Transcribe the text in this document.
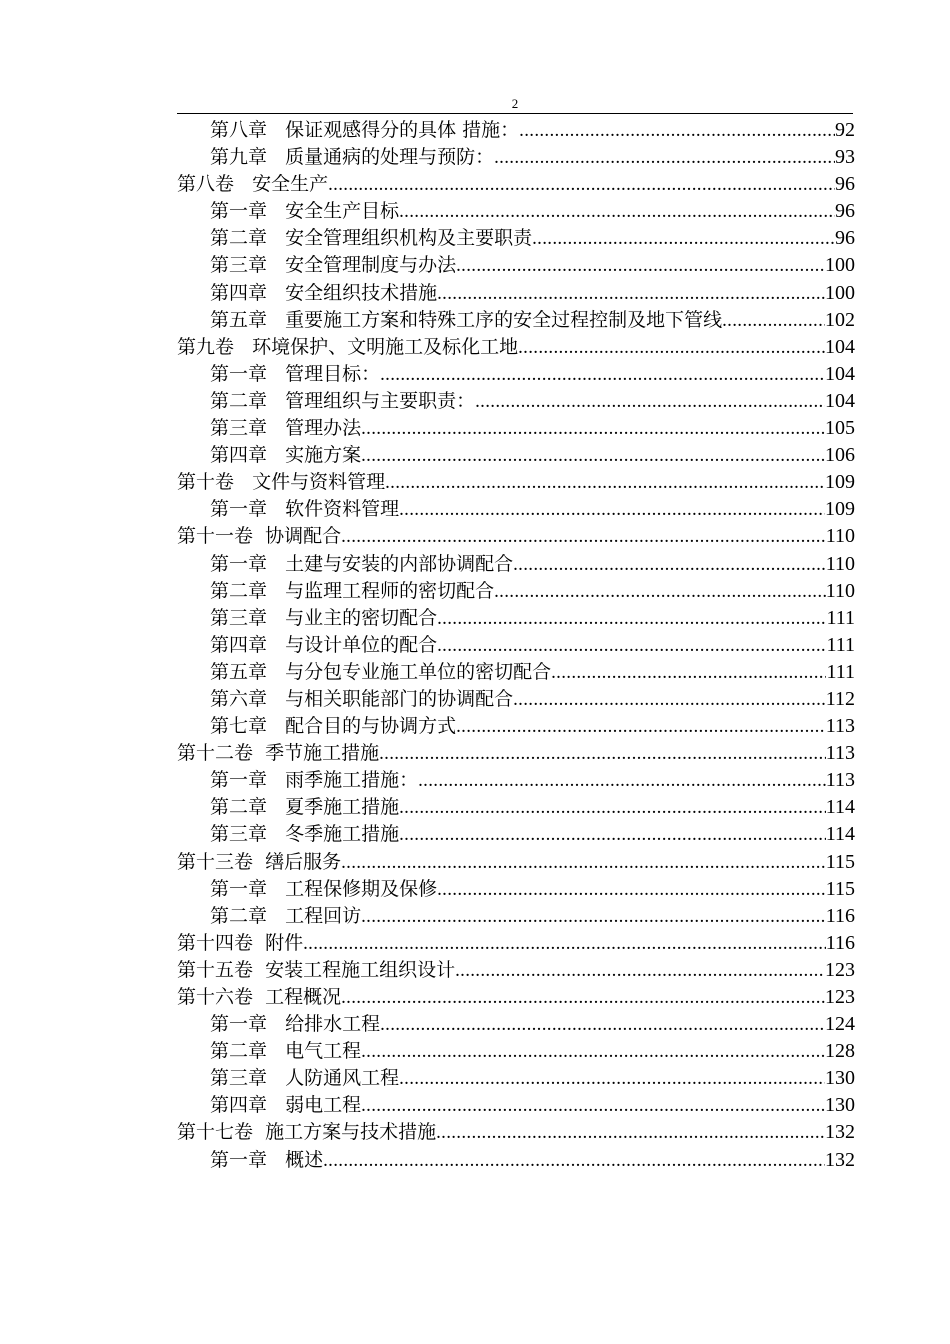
2
第八章   保证观感得分的具体 措施： .....	92
第九章   质量通病的处理与预防： .....	93
第八卷   安全生产 .....	96
第一章   安全生产目标 .....	96
第二章   安全管理组织机构及主要职责 .....	96
第三章   安全管理制度与办法 .....	100
第四章   安全组织技术措施 .....	100
第五章   重要施工方案和特殊工序的安全过程控制及地下管线 .....	102
第九卷   环境保护、文明施工及标化工地 .....	104
第一章   管理目标： .....	104
第二章   管理组织与主要职责： .....	104
第三章   管理办法 .....	105
第四章   实施方案 .....	106
第十卷   文件与资料管理 .....	109
第一章   软件资料管理 .....	109
第十一卷  协调配合 .....	110
第一章   土建与安装的内部协调配合 .....	110
第二章   与监理工程师的密切配合 .....	110
第三章   与业主的密切配合 .....	111
第四章   与设计单位的配合 .....	111
第五章   与分包专业施工单位的密切配合 .....	111
第六章   与相关职能部门的协调配合 .....	112
第七章   配合目的与协调方式 .....	113
第十二卷  季节施工措施 .....	113
第一章   雨季施工措施： .....	113
第二章   夏季施工措施 .....	114
第三章   冬季施工措施 .....	114
第十三卷  缮后服务 .....	115
第一章   工程保修期及保修 .....	115
第二章   工程回访 .....	116
第十四卷  附件 .....	116
第十五卷  安装工程施工组织设计 .....	123
第十六卷  工程概况 .....	123
第一章   给排水工程 .....	124
第二章   电气工程 .....	128
第三章   人防通风工程 .....	130
第四章   弱电工程 .....	130
第十七卷  施工方案与技术措施 .....	132
第一章   概述 .....	132
